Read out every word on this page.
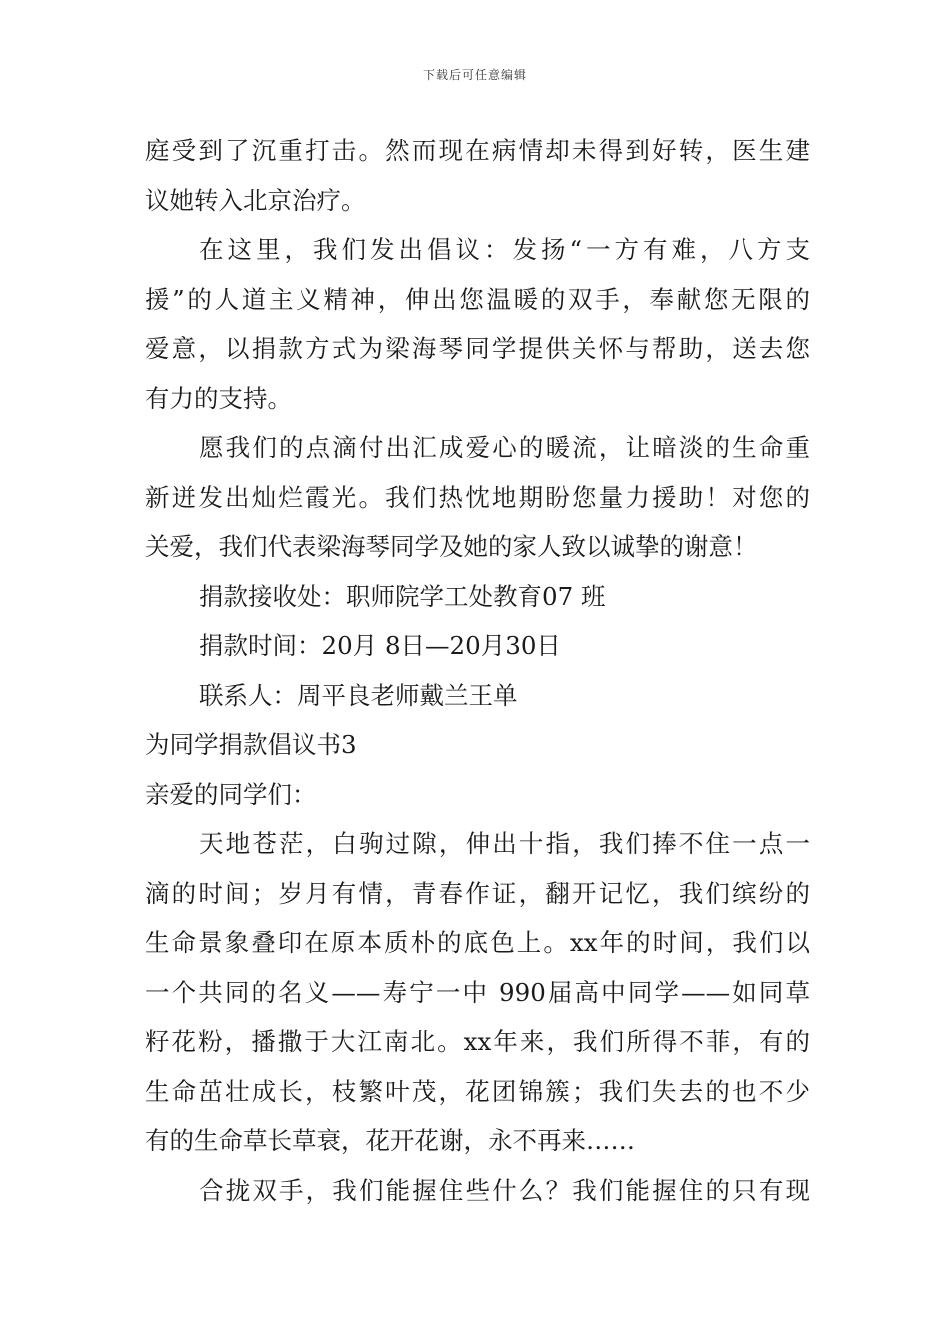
下载后可任意编辑
庭受到了沉重打击。然而现在病情却未得到好转，医生建
议她转入北京治疗。
在这里，我们发出倡议：发扬“一方有难，八方支
援”的人道主义精神，伸出您温暖的双手，奉献您无限的
爱意，以捐款方式为梁海琴同学提供关怀与帮助，送去您
有力的支持。
愿我们的点滴付出汇成爱心的暖流，让暗淡的生命重
新迸发出灿烂霞光。我们热忱地期盼您量力援助！对您的
关爱，我们代表梁海琴同学及她的家人致以诚挚的谢意！
捐款接收处：职师院学工处教育07 班
捐款时间：20月 8日—20月30日
联系人：周平良老师戴兰王单
为同学捐款倡议书3
亲爱的同学们：
天地苍茫，白驹过隙，伸出十指，我们捧不住一点一
滴的时间；岁月有情，青春作证，翻开记忆，我们缤纷的
生命景象叠印在原本质朴的底色上。xx年的时间，我们以
一个共同的名义——寿宁一中 990届高中同学——如同草
籽花粉，播撒于大江南北。xx年来，我们所得不菲，有的
生命茁壮成长，枝繁叶茂，花团锦簇；我们失去的也不少
有的生命草长草衰，花开花谢，永不再来……
合拢双手，我们能握住些什么？我们能握住的只有现
